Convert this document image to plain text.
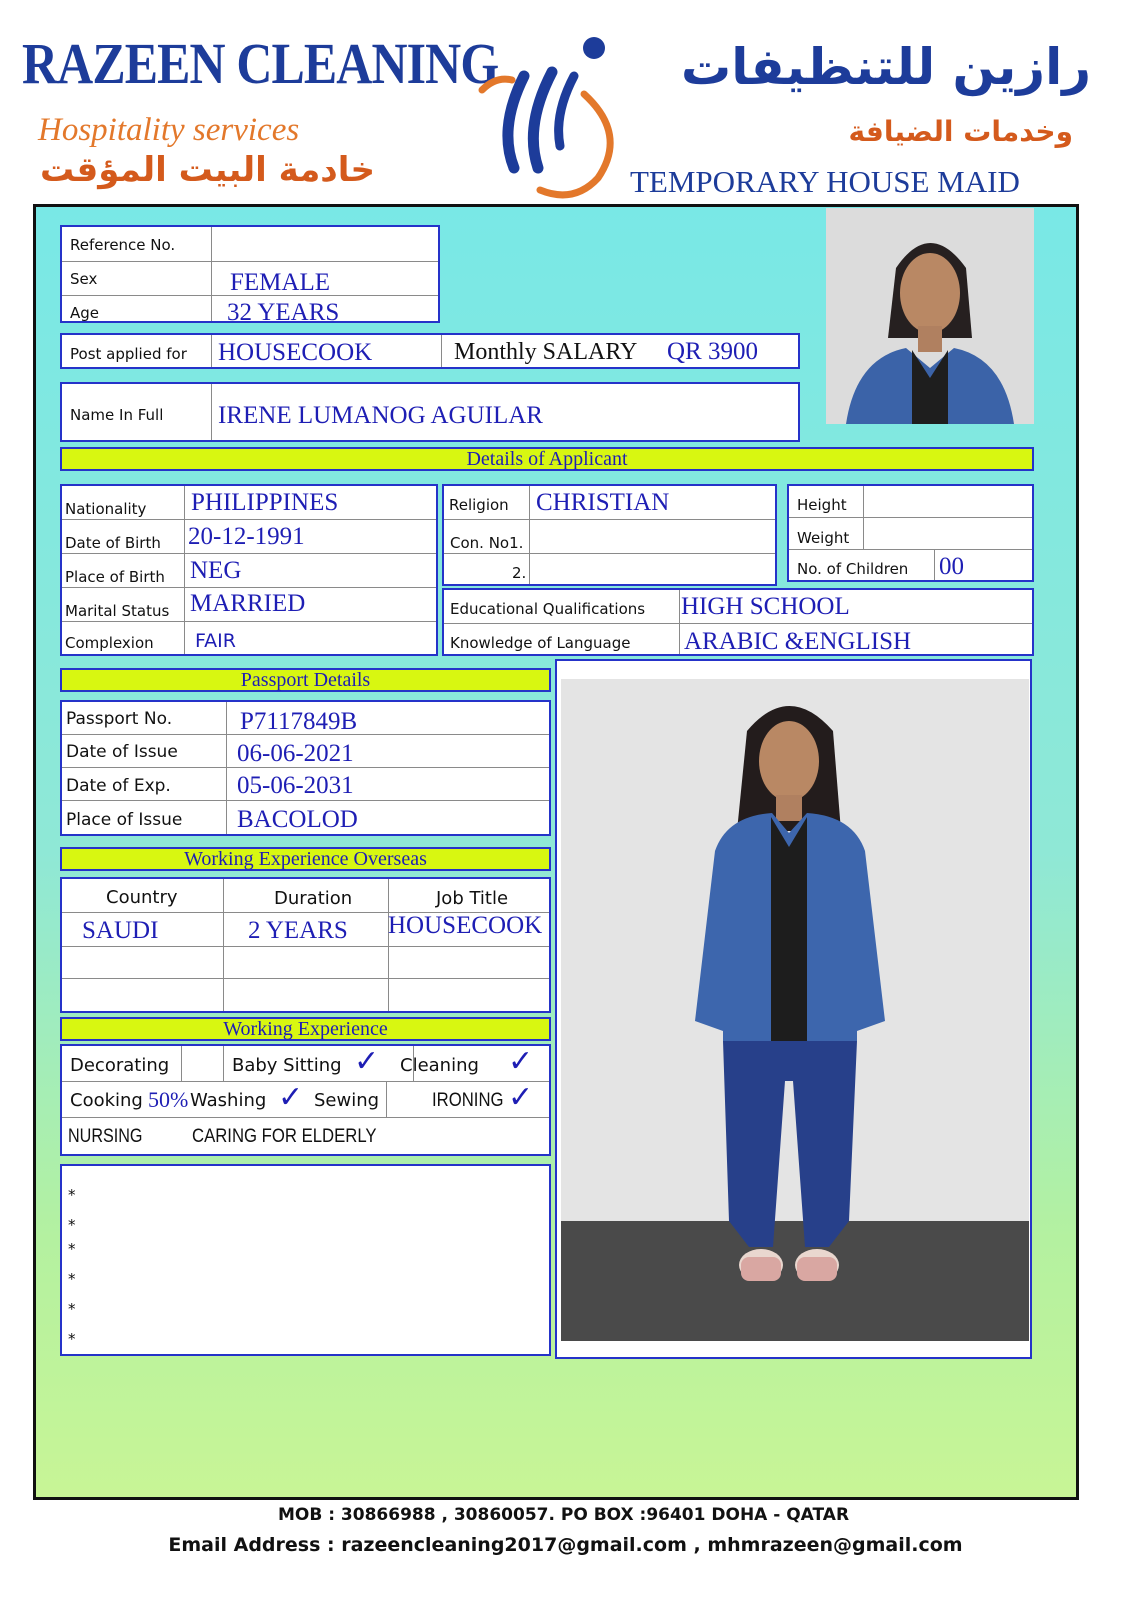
RAZEEN CLEANING
Hospitality services
خادمة البيت المؤقت
رازين للتنظيفات
وخدمات الضيافة
TEMPORARY HOUSE MAID
Reference No.
Sex	FEMALE
Age	32 YEARS
Post applied for HOUSECOOK	Monthly SALARY QR 3900
Name In Full IRENE LUMANOG AGUILAR
Details of Applicant
Nationality PHILIPPINES
Date of Birth 20-12-1991
Place of Birth NEG
Marital Status MARRIED
Complexion FAIR
Religion CHRISTIAN
Con. No1.
2.
Height
Weight
No. of Children 00
Educational Qualifications HIGH SCHOOL
Knowledge of Language ARABIC &ENGLISH
Passport Details
Passport No.	P7117849B
Date of Issue 06-06-2021
Date of Exp.	05-06-2031
Place of Issue BACOLOD
Working Experience Overseas
Country	Duration	Job Title
SAUDI	2 YEARS HOUSECOOK
Working Experience
Decorating	Baby Sitting ✓ Cleaning ✓
Cooking 50% Washing ✓ Sewing	IRONING ✓
NURSING	CARING FOR ELDERLY
*
*
*
*
*
*
MOB : 30866988 , 30860057. PO BOX :96401 DOHA - QATAR
Email Address : razeencleaning2017@gmail.com , mhmrazeen@gmail.com
